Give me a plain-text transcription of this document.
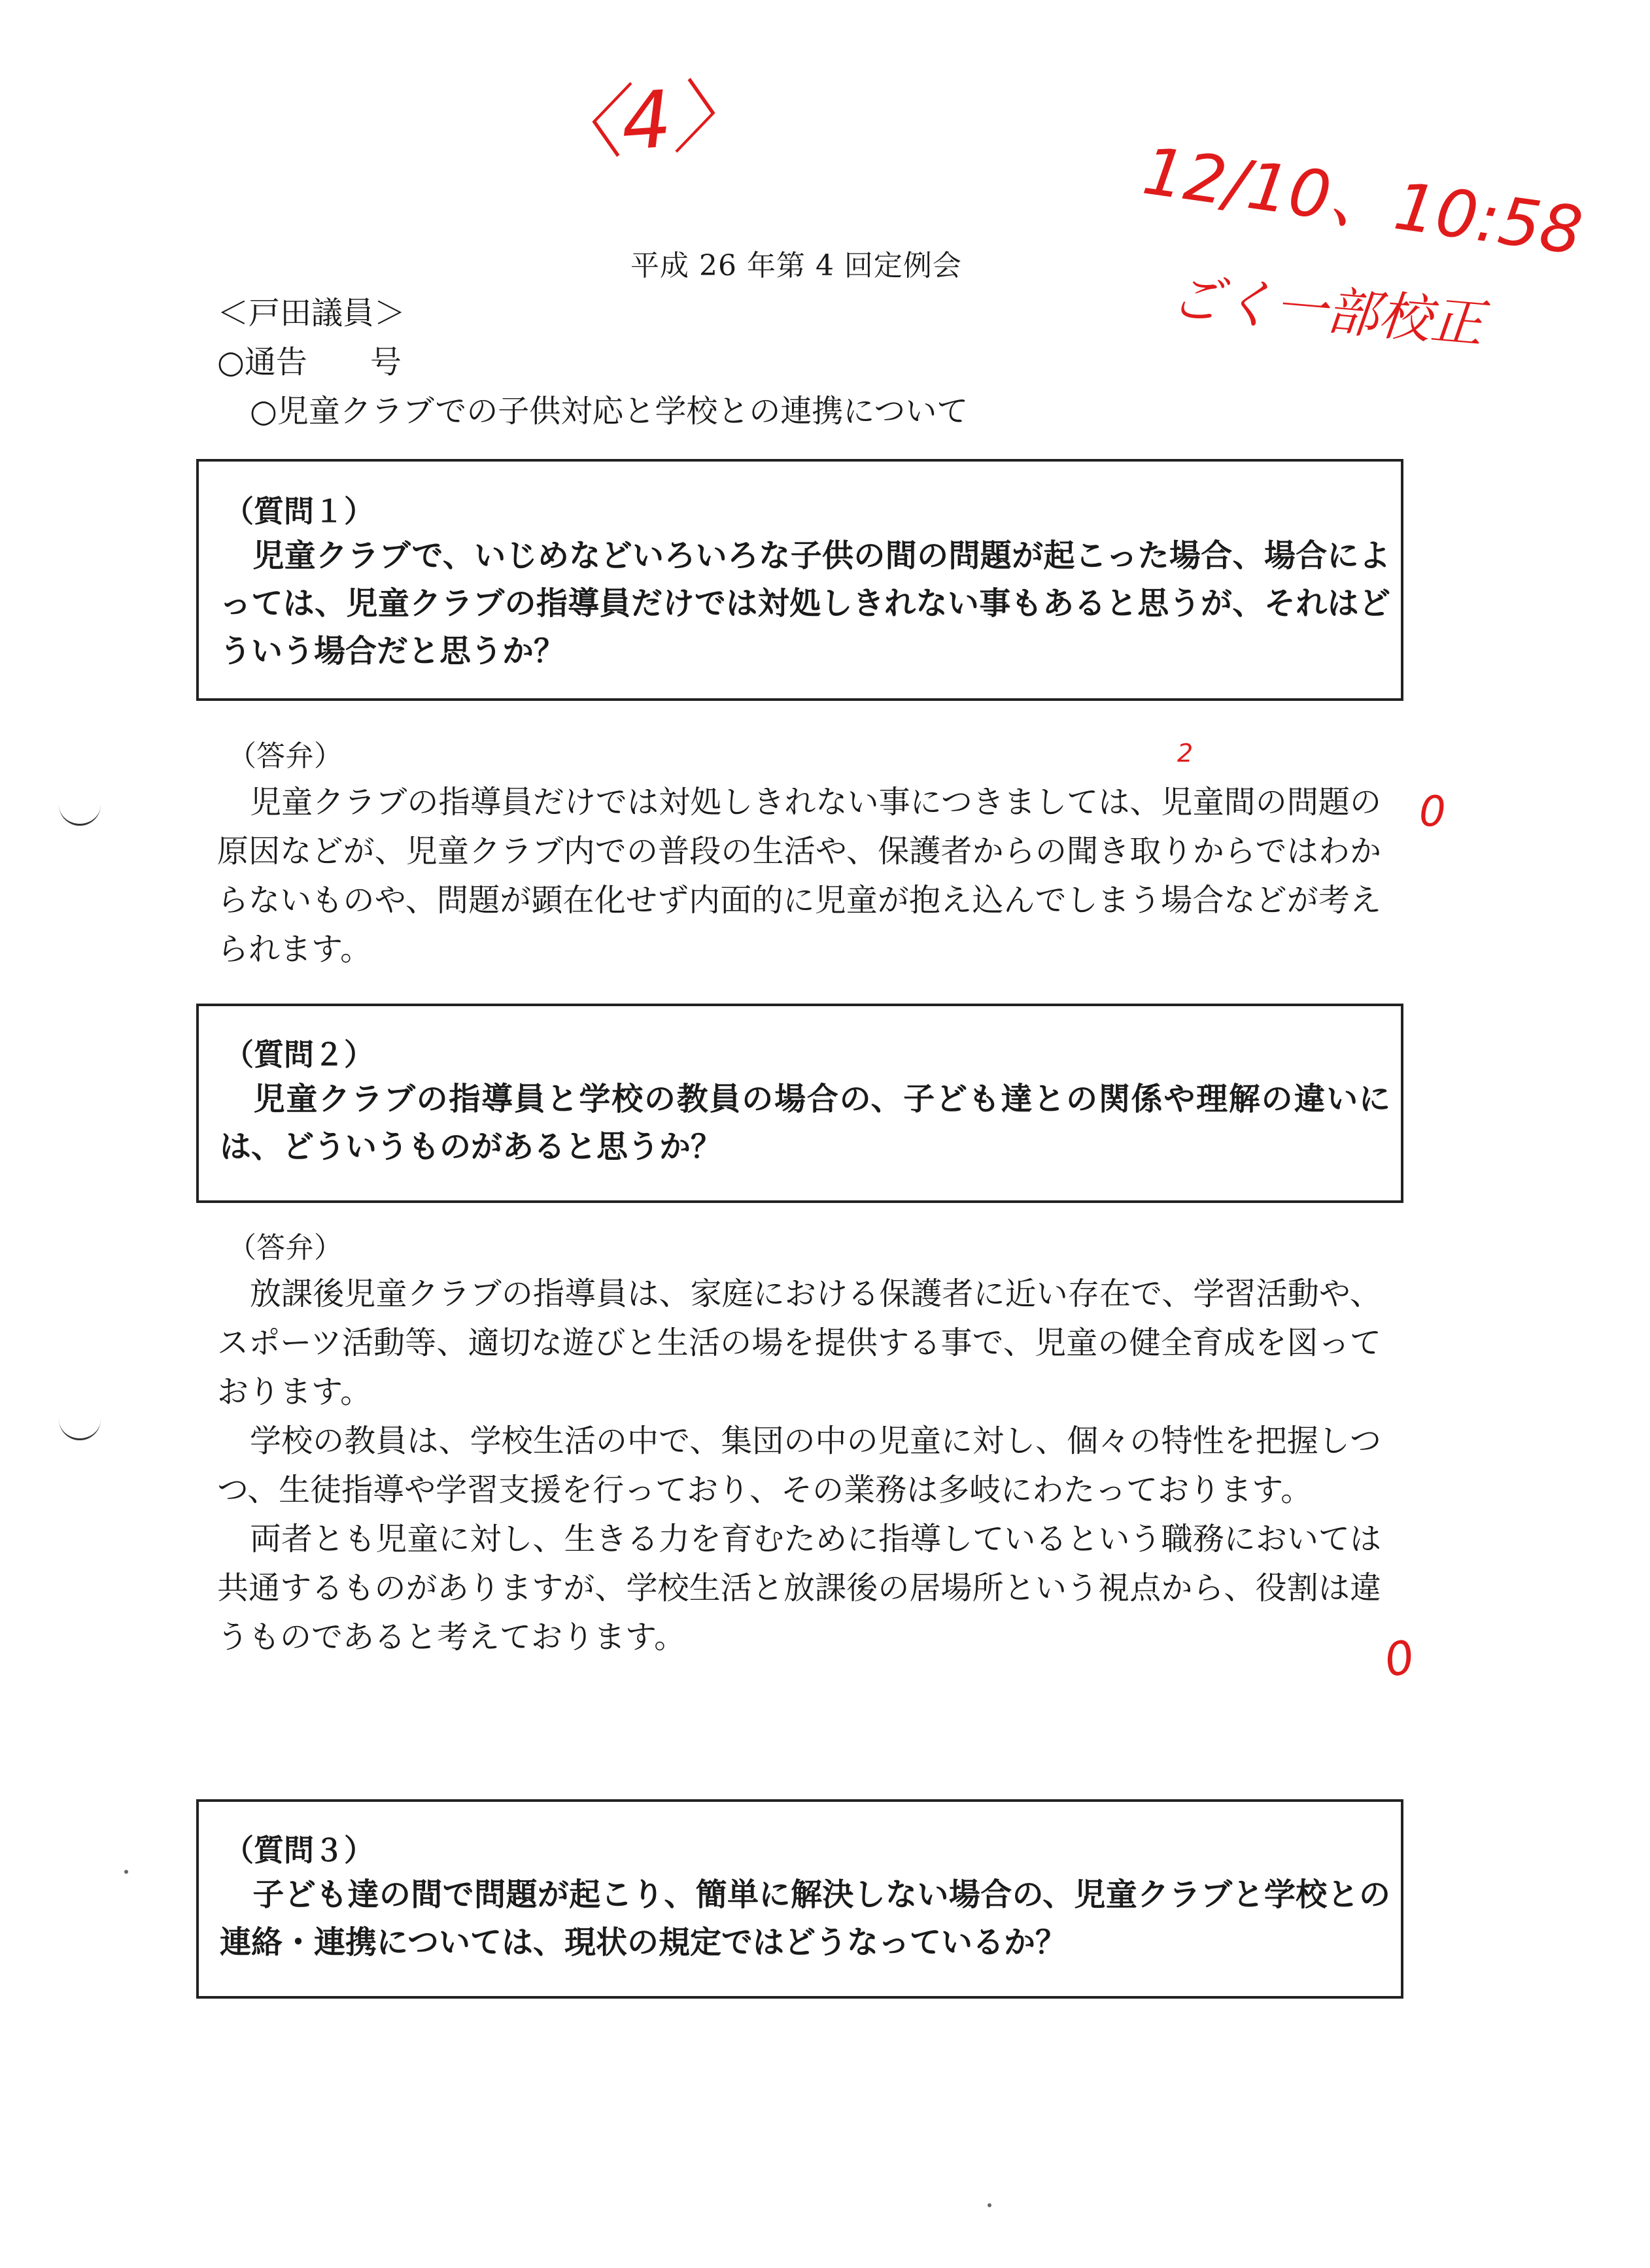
〈4〉
12/10、10:58
ごく一部校正
0
0
2
平成 26 年第 4 回定例会
＜戸田議員＞
○通告　　号
○児童クラブでの子供対応と学校との連携について
（質問１）
児童クラブで、いじめなどいろいろな子供の間の問題が起こった場合、場合によっては、児童クラブの指導員だけでは対処しきれない事もあると思うが、それはどういう場合だと思うか？
（答弁）

児童クラブの指導員だけでは対処しきれない事につきましては、児童間の問題の原因などが、児童クラブ内での普段の生活や、保護者からの聞き取りからではわからないものや、問題が顕在化せず内面的に児童が抱え込んでしまう場合などが考えられます。

（質問２）
児童クラブの指導員と学校の教員の場合の、子ども達との関係や理解の違いには、どういうものがあると思うか？
（答弁）

放課後児童クラブの指導員は、家庭における保護者に近い存在で、学習活動や、スポーツ活動等、適切な遊びと生活の場を提供する事で、児童の健全育成を図っております。

学校の教員は、学校生活の中で、集団の中の児童に対し、個々の特性を把握しつつ、生徒指導や学習支援を行っており、その業務は多岐にわたっております。

両者とも児童に対し、生きる力を育むために指導しているという職務においては共通するものがありますが、学校生活と放課後の居場所という視点から、役割は違うものであると考えております。

（質問３）
子ども達の間で問題が起こり、簡単に解決しない場合の、児童クラブと学校との連絡・連携については、現状の規定ではどうなっているか？
